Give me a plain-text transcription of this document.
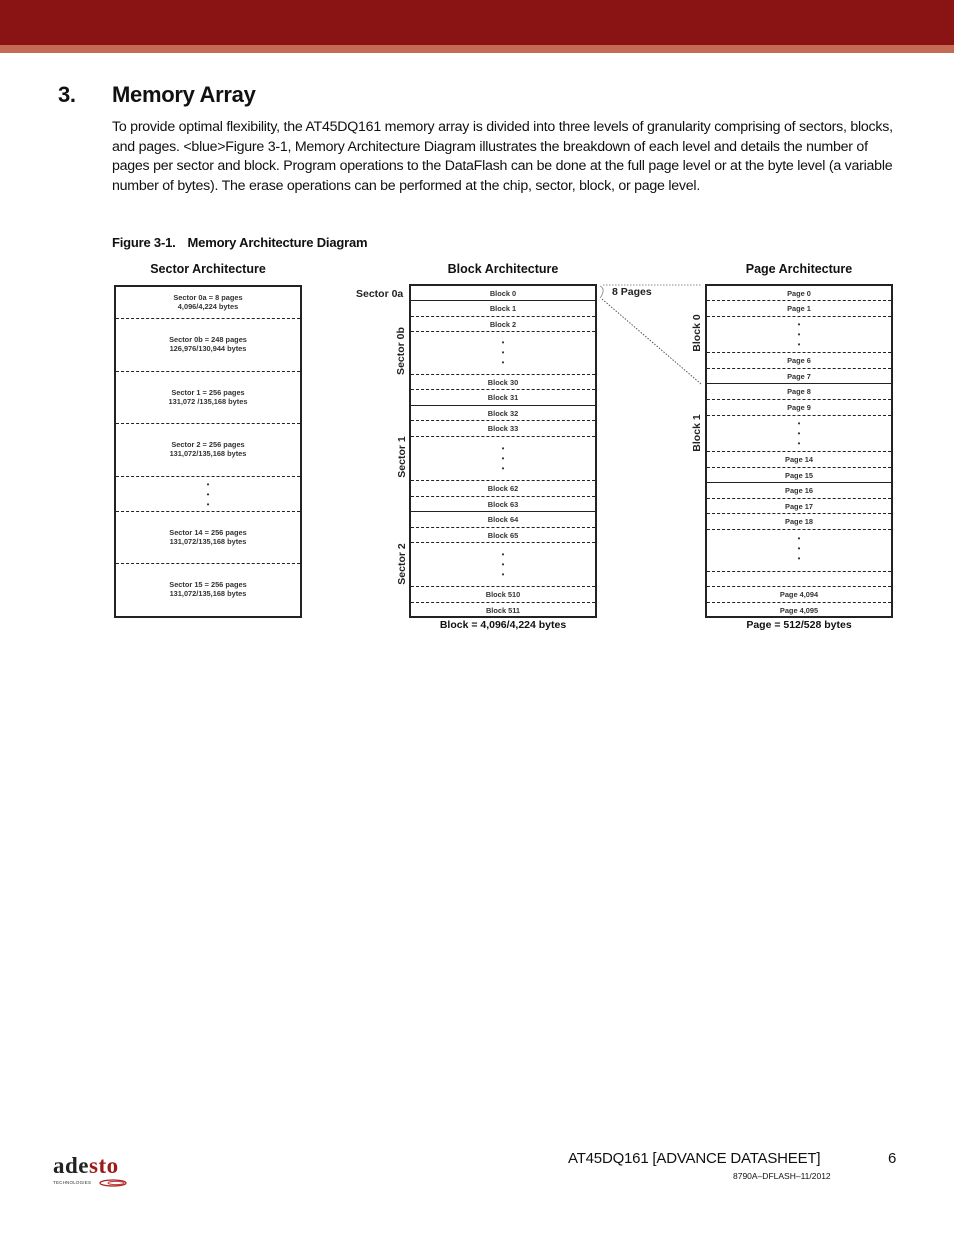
3. Memory Array

To provide optimal flexibility, the AT45DQ161 memory array is divided into three levels of granularity comprising of sectors, blocks, and pages. <blue>Figure 3-1, Memory Architecture Diagram illustrates the breakdown of each level and details the number of pages per sector and block. Program operations to the DataFlash can be done at the full page level or at the byte level (a variable number of bytes). The erase operations can be performed at the chip, sector, block, or page level.

Figure 3-1. Memory Architecture Diagram
Sector Architecture
Sector 0a = 8 pages
4,096/4,224 bytes
Sector 0b = 248 pages
126,976/130,944 bytes
Sector 1 = 256 pages
131,072 /135,168 bytes
Sector 2 = 256 pages
131,072/135,168 bytes
•
•
•
Sector 14 = 256 pages
131,072/135,168 bytes
Sector 15 = 256 pages
131,072/135,168 bytes
Block Architecture
Sector 0a
Sector 0b
Sector 1
Sector 2
Block 0
Block 1
Block 2
•
•
•
Block 30
Block 31
Block 32
Block 33
•
•
•
Block 62
Block 63
Block 64
Block 65
•
•
•
Block 510
Block 511
Block = 4,096/4,224 bytes
8 Pages
Page Architecture
Block 0
Block 1
Page 0
Page 1
•
•
•
Page 6
Page 7
Page 8
Page 9
•
•
•
Page 14
Page 15
Page 16
Page 17
Page 18
•
•
•
Page 4,094
Page 4,095
Page = 512/528 bytes
adesto
TECHNOLOGIES
AT45DQ161 [ADVANCE DATASHEET]	6
8790A–DFLASH–11/2012
